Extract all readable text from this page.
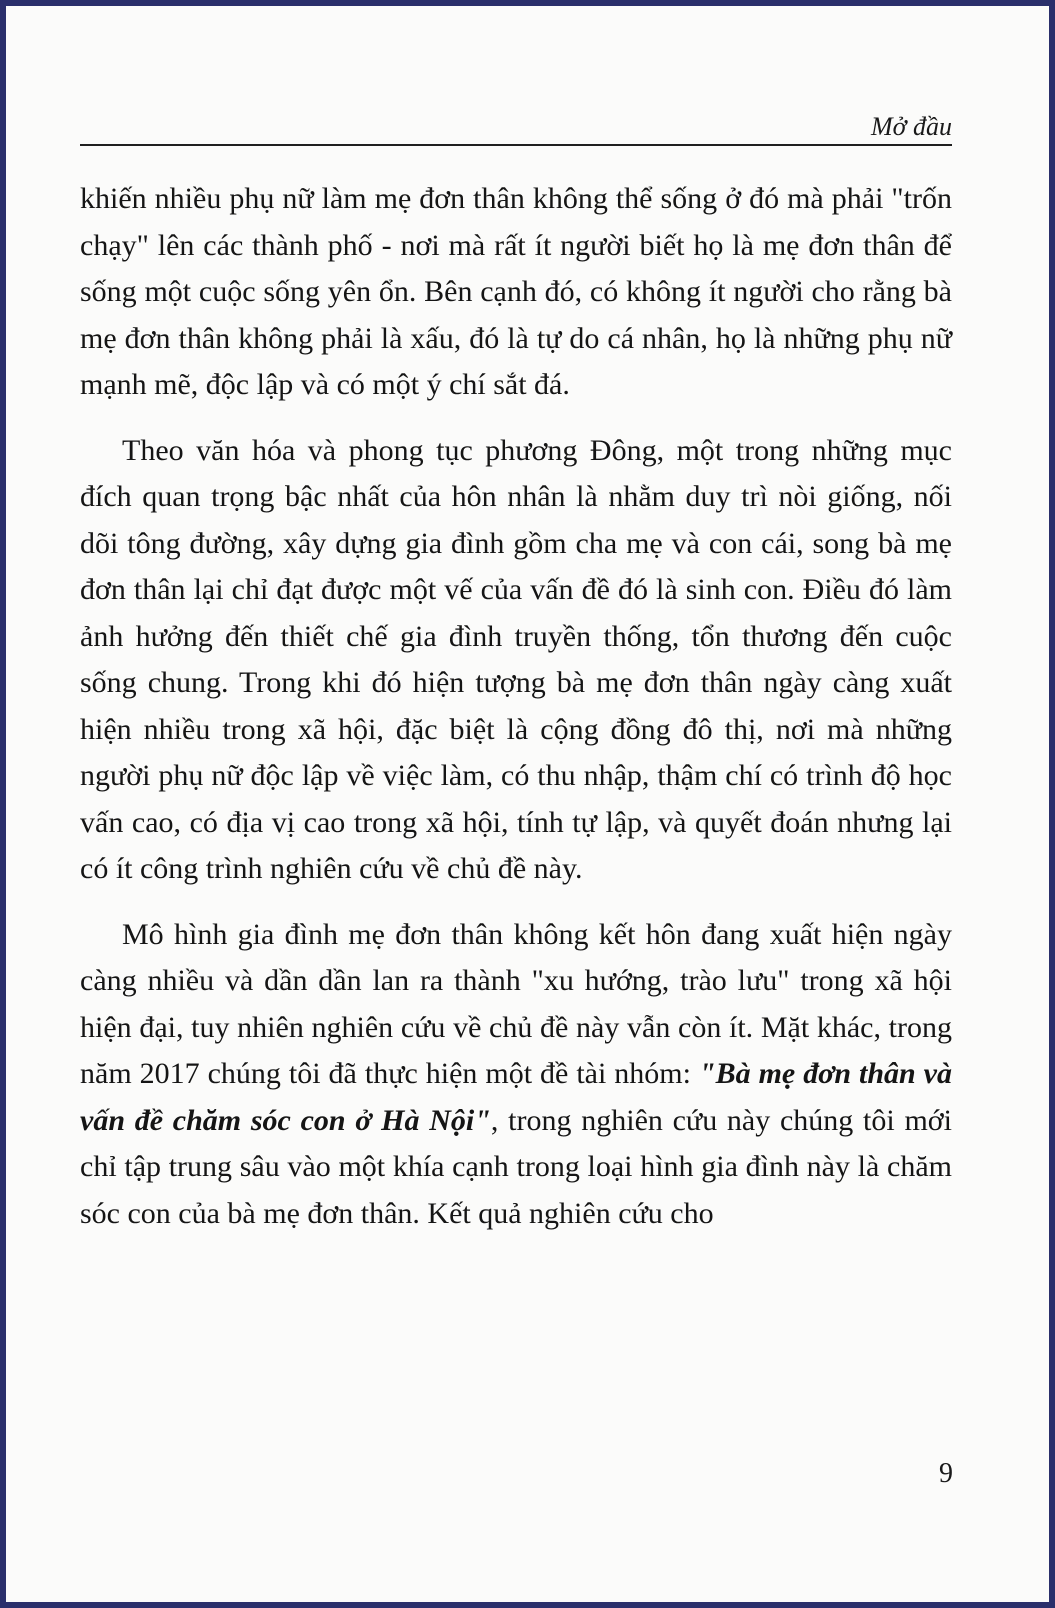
Mở đầu

khiến nhiều phụ nữ làm mẹ đơn thân không thể sống ở đó mà phải "trốn chạy" lên các thành phố - nơi mà rất ít người biết họ là mẹ đơn thân để sống một cuộc sống yên ổn. Bên cạnh đó, có không ít người cho rằng bà mẹ đơn thân không phải là xấu, đó là tự do cá nhân, họ là những phụ nữ mạnh mẽ, độc lập và có một ý chí sắt đá.

Theo văn hóa và phong tục phương Đông, một trong những mục đích quan trọng bậc nhất của hôn nhân là nhằm duy trì nòi giống, nối dõi tông đường, xây dựng gia đình gồm cha mẹ và con cái, song bà mẹ đơn thân lại chỉ đạt được một vế của vấn đề đó là sinh con. Điều đó làm ảnh hưởng đến thiết chế gia đình truyền thống, tổn thương đến cuộc sống chung. Trong khi đó hiện tượng bà mẹ đơn thân ngày càng xuất hiện nhiều trong xã hội, đặc biệt là cộng đồng đô thị, nơi mà những người phụ nữ độc lập về việc làm, có thu nhập, thậm chí có trình độ học vấn cao, có địa vị cao trong xã hội, tính tự lập, và quyết đoán nhưng lại có ít công trình nghiên cứu về chủ đề này.

Mô hình gia đình mẹ đơn thân không kết hôn đang xuất hiện ngày càng nhiều và dần dần lan ra thành "xu hướng, trào lưu" trong xã hội hiện đại, tuy nhiên nghiên cứu về chủ đề này vẫn còn ít. Mặt khác, trong năm 2017 chúng tôi đã thực hiện một đề tài nhóm: "Bà mẹ đơn thân và vấn đề chăm sóc con ở Hà Nội", trong nghiên cứu này chúng tôi mới chỉ tập trung sâu vào một khía cạnh trong loại hình gia đình này là chăm sóc con của bà mẹ đơn thân. Kết quả nghiên cứu cho

9
